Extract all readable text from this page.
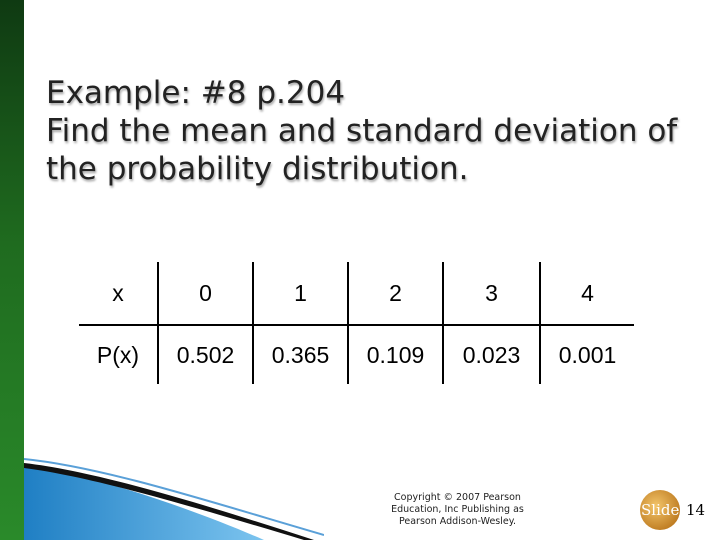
Example: #8 p.204
Find the mean and standard deviation of
the probability distribution.
x	0	1	2	3	4
P(x)	0.502	0.365	0.109	0.023	0.001
Copyright © 2007 Pearson
Education, Inc Publishing as
Pearson Addison-Wesley.
Slide 14
